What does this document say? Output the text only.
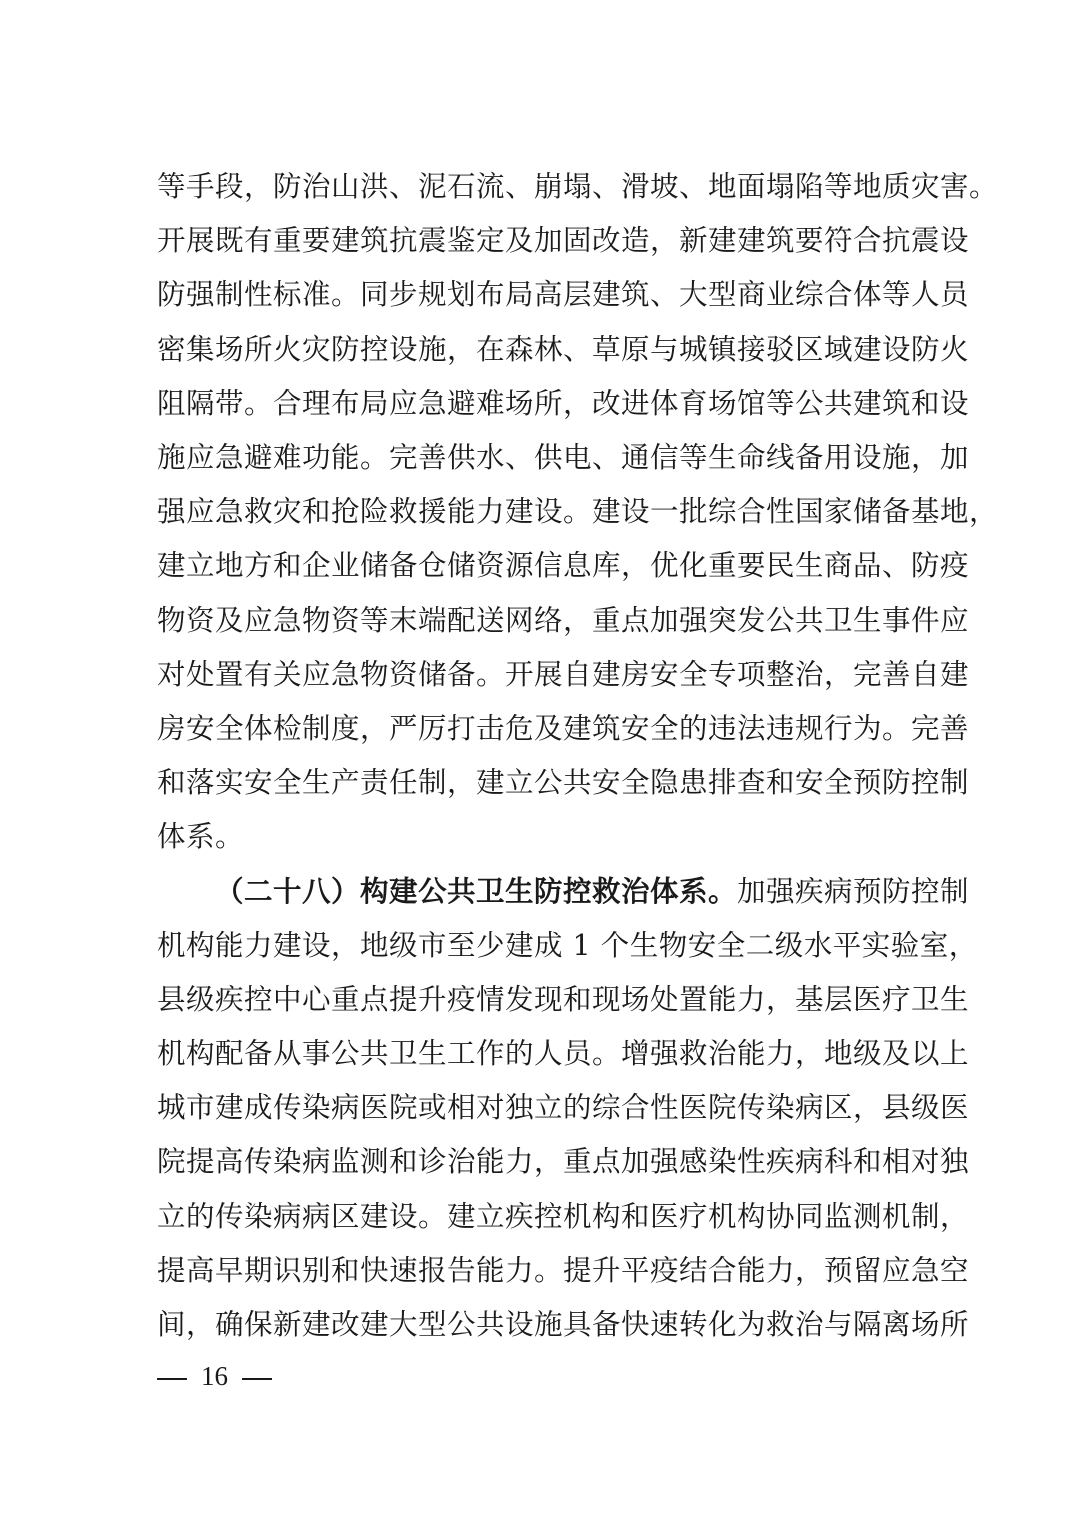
等手段，防治山洪、泥石流、崩塌、滑坡、地面塌陷等地质灾害。
开展既有重要建筑抗震鉴定及加固改造，新建建筑要符合抗震设
防强制性标准。同步规划布局高层建筑、大型商业综合体等人员
密集场所火灾防控设施，在森林、草原与城镇接驳区域建设防火
阻隔带。合理布局应急避难场所，改进体育场馆等公共建筑和设
施应急避难功能。完善供水、供电、通信等生命线备用设施，加
强应急救灾和抢险救援能力建设。建设一批综合性国家储备基地，
建立地方和企业储备仓储资源信息库，优化重要民生商品、防疫
物资及应急物资等末端配送网络，重点加强突发公共卫生事件应
对处置有关应急物资储备。开展自建房安全专项整治，完善自建
房安全体检制度，严厉打击危及建筑安全的违法违规行为。完善
和落实安全生产责任制，建立公共安全隐患排查和安全预防控制
体系。
（二十八）构建公共卫生防控救治体系。加强疾病预防控制
机构能力建设，地级市至少建成 1 个生物安全二级水平实验室，
县级疾控中心重点提升疫情发现和现场处置能力，基层医疗卫生
机构配备从事公共卫生工作的人员。增强救治能力，地级及以上
城市建成传染病医院或相对独立的综合性医院传染病区，县级医
院提高传染病监测和诊治能力，重点加强感染性疾病科和相对独
立的传染病病区建设。建立疾控机构和医疗机构协同监测机制，
提高早期识别和快速报告能力。提升平疫结合能力，预留应急空
间，确保新建改建大型公共设施具备快速转化为救治与隔离场所
16
